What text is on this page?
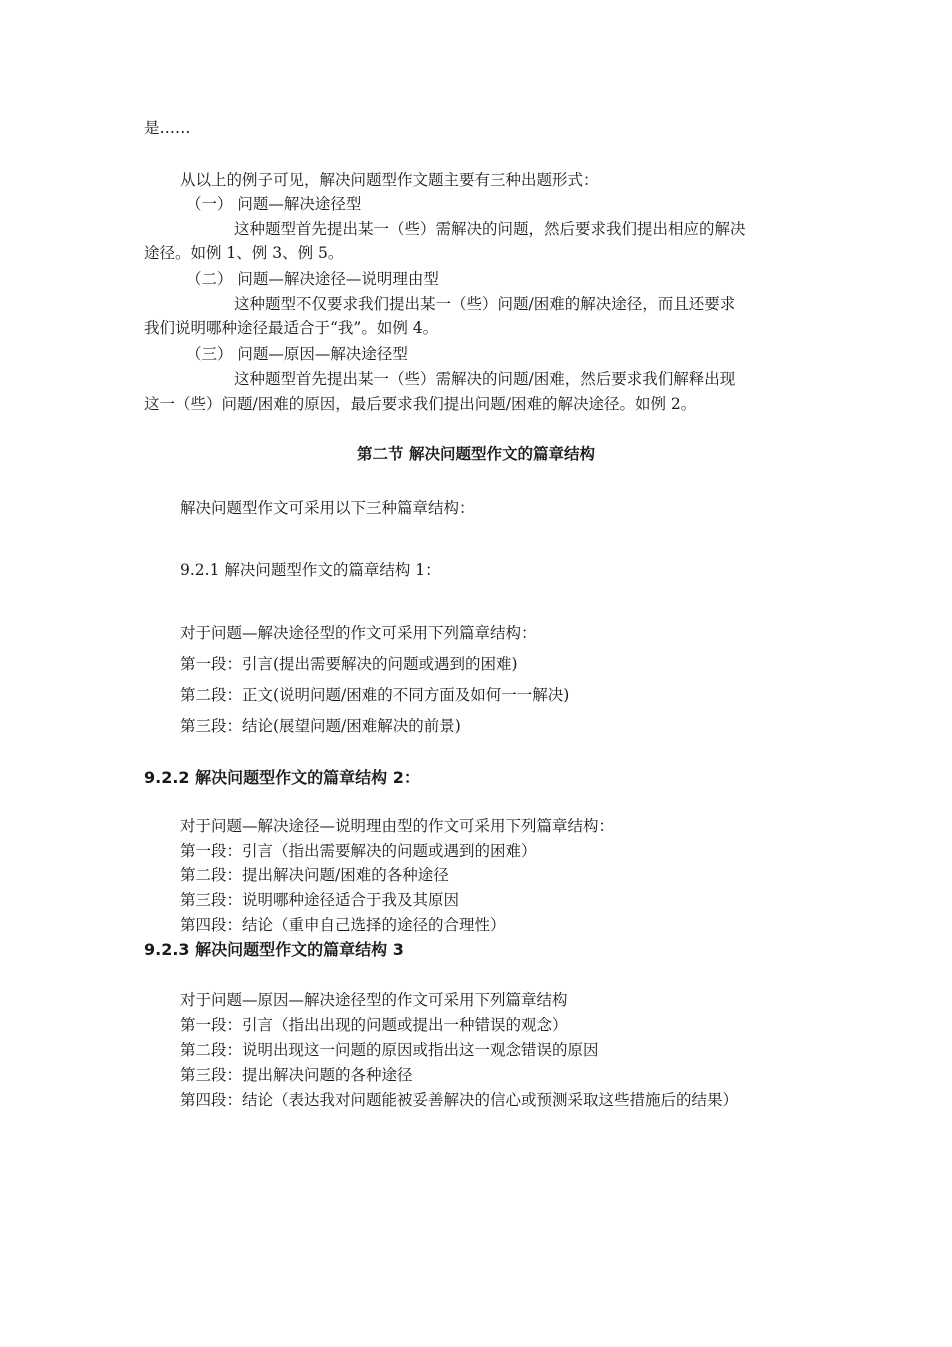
是……
从以上的例子可见，解决问题型作文题主要有三种出题形式：
（一） 问题—解决途径型
这种题型首先提出某一（些）需解决的问题，然后要求我们提出相应的解决
途径。如例 1、例 3、例 5。
（二） 问题—解决途径—说明理由型
这种题型不仅要求我们提出某一（些）问题/困难的解决途径，而且还要求
我们说明哪种途径最适合于“我”。如例 4。
（三） 问题—原因—解决途径型
这种题型首先提出某一（些）需解决的问题/困难，然后要求我们解释出现
这一（些）问题/困难的原因，最后要求我们提出问题/困难的解决途径。如例 2。
第二节 解决问题型作文的篇章结构
解决问题型作文可采用以下三种篇章结构：
9.2.1 解决问题型作文的篇章结构 1：
对于问题—解决途径型的作文可采用下列篇章结构：
第一段：引言(提出需要解决的问题或遇到的困难)
第二段：正文(说明问题/困难的不同方面及如何一一解决)
第三段：结论(展望问题/困难解决的前景)
9.2.2 解决问题型作文的篇章结构 2：
对于问题—解决途径—说明理由型的作文可采用下列篇章结构：
第一段：引言（指出需要解决的问题或遇到的困难）
第二段：提出解决问题/困难的各种途径
第三段：说明哪种途径适合于我及其原因
第四段：结论（重申自己选择的途径的合理性）
9.2.3 解决问题型作文的篇章结构 3
对于问题—原因—解决途径型的作文可采用下列篇章结构
第一段：引言（指出出现的问题或提出一种错误的观念）
第二段：说明出现这一问题的原因或指出这一观念错误的原因
第三段：提出解决问题的各种途径
第四段：结论（表达我对问题能被妥善解决的信心或预测采取这些措施后的结果）
